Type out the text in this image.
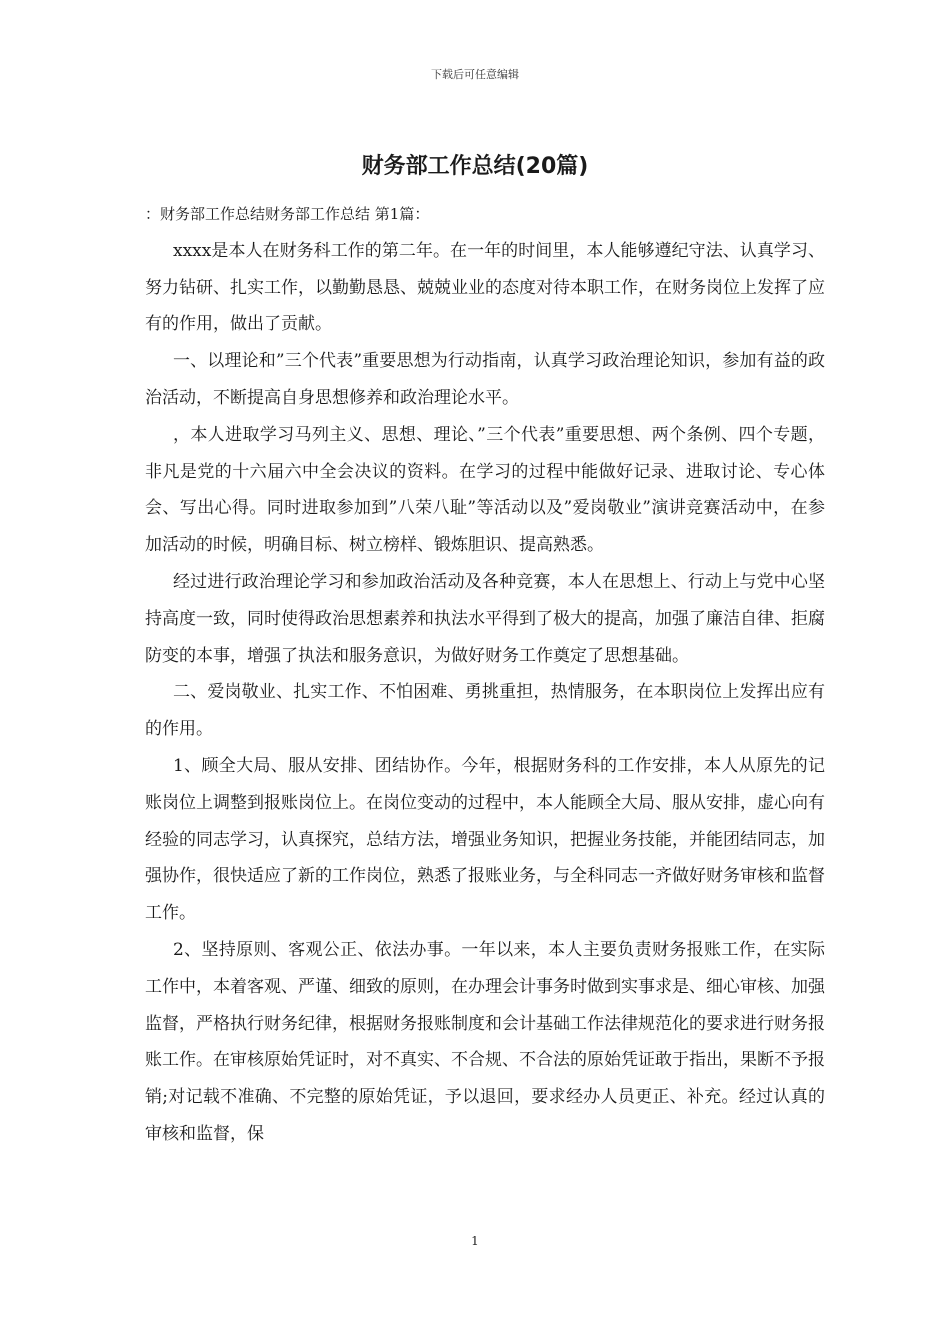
下载后可任意编辑
财务部工作总结(20篇)

：财务部工作总结财务部工作总结 第1篇：

xxxx是本人在财务科工作的第二年。在一年的时间里，本人能够遵纪守法、认真学习、努力钻研、扎实工作，以勤勤恳恳、兢兢业业的态度对待本职工作，在财务岗位上发挥了应有的作用，做出了贡献。

一、以理论和”三个代表”重要思想为行动指南，认真学习政治理论知识，参加有益的政治活动，不断提高自身思想修养和政治理论水平。

，本人进取学习马列主义、思想、理论、”三个代表”重要思想、两个条例、四个专题，非凡是党的十六届六中全会决议的资料。在学习的过程中能做好记录、进取讨论、专心体会、写出心得。同时进取参加到”八荣八耻”等活动以及”爱岗敬业”演讲竞赛活动中，在参加活动的时候，明确目标、树立榜样、锻炼胆识、提高熟悉。

经过进行政治理论学习和参加政治活动及各种竞赛，本人在思想上、行动上与党中心坚持高度一致，同时使得政治思想素养和执法水平得到了极大的提高，加强了廉洁自律、拒腐防变的本事，增强了执法和服务意识，为做好财务工作奠定了思想基础。

二、爱岗敬业、扎实工作、不怕困难、勇挑重担，热情服务，在本职岗位上发挥出应有的作用。

1、顾全大局、服从安排、团结协作。今年，根据财务科的工作安排，本人从原先的记账岗位上调整到报账岗位上。在岗位变动的过程中，本人能顾全大局、服从安排，虚心向有经验的同志学习，认真探究，总结方法，增强业务知识，把握业务技能，并能团结同志，加强协作，很快适应了新的工作岗位，熟悉了报账业务，与全科同志一齐做好财务审核和监督工作。

2、坚持原则、客观公正、依法办事。一年以来，本人主要负责财务报账工作，在实际工作中，本着客观、严谨、细致的原则，在办理会计事务时做到实事求是、细心审核、加强监督，严格执行财务纪律，根据财务报账制度和会计基础工作法律规范化的要求进行财务报账工作。在审核原始凭证时，对不真实、不合规、不合法的原始凭证敢于指出，果断不予报销;对记载不准确、不完整的原始凭证，予以退回，要求经办人员更正、补充。经过认真的审核和监督，保

1
